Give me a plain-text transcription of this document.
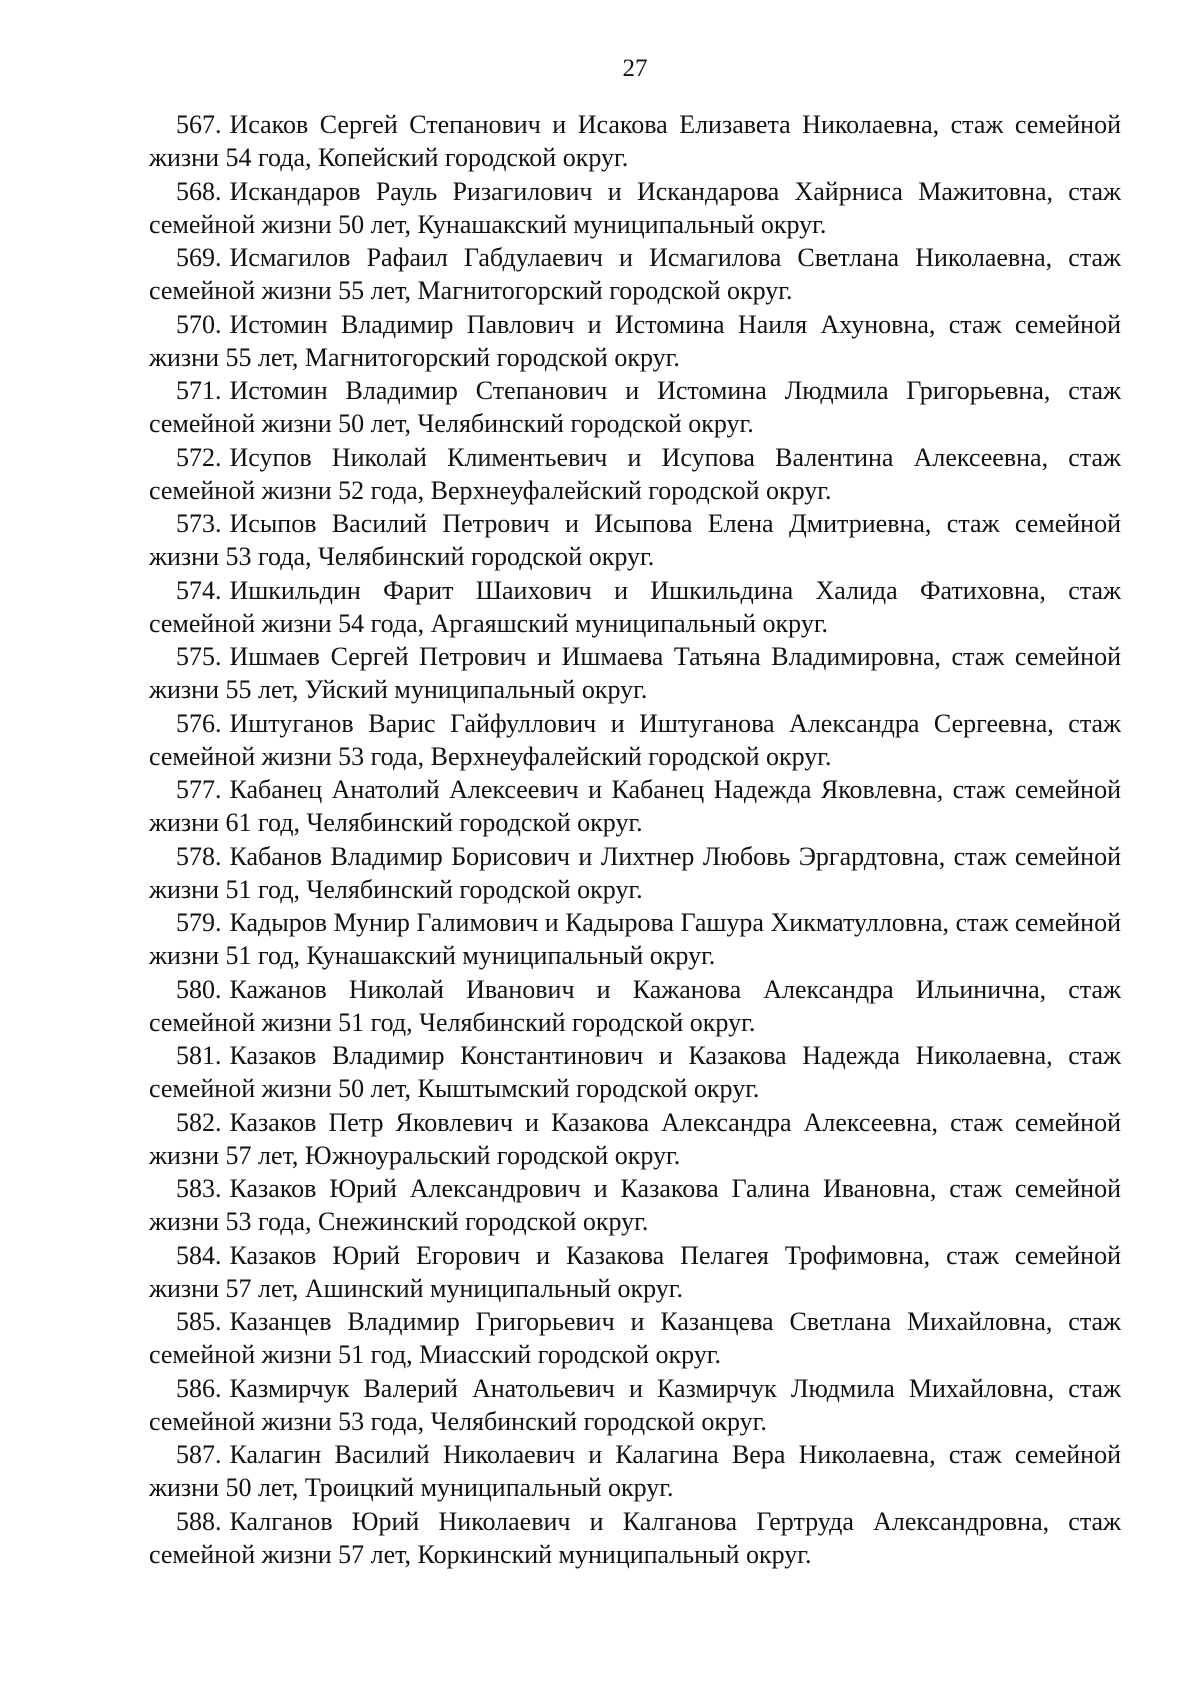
27
567. Исаков Сергей Степанович и Исакова Елизавета Николаевна, стаж семейной жизни 54 года, Копейский городской округ.
568. Искандаров Рауль Ризагилович и Искандарова Хайрниса Мажитовна, стаж семейной жизни 50 лет, Кунашакский муниципальный округ.
569. Исмагилов Рафаил Габдулаевич и Исмагилова Светлана Николаевна, стаж семейной жизни 55 лет, Магнитогорский городской округ.
570. Истомин Владимир Павлович и Истомина Наиля Ахуновна, стаж семейной жизни 55 лет, Магнитогорский городской округ.
571. Истомин Владимир Степанович и Истомина Людмила Григорьевна, стаж семейной жизни 50 лет, Челябинский городской округ.
572. Исупов Николай Климентьевич и Исупова Валентина Алексеевна, стаж семейной жизни 52 года, Верхнеуфалейский городской округ.
573. Исыпов Василий Петрович и Исыпова Елена Дмитриевна, стаж семейной жизни 53 года, Челябинский городской округ.
574. Ишкильдин Фарит Шаихович и Ишкильдина Халида Фатиховна, стаж семейной жизни 54 года, Аргаяшский муниципальный округ.
575. Ишмаев Сергей Петрович и Ишмаева Татьяна Владимировна, стаж семейной жизни 55 лет, Уйский муниципальный округ.
576. Иштуганов Варис Гайфуллович и Иштуганова Александра Сергеевна, стаж семейной жизни 53 года, Верхнеуфалейский городской округ.
577. Кабанец Анатолий Алексеевич и Кабанец Надежда Яковлевна, стаж семейной жизни 61 год, Челябинский городской округ.
578. Кабанов Владимир Борисович и Лихтнер Любовь Эргардтовна, стаж семейной жизни 51 год, Челябинский городской округ.
579. Кадыров Мунир Галимович и Кадырова Гашура Хикматулловна, стаж семейной жизни 51 год, Кунашакский муниципальный округ.
580. Кажанов Николай Иванович и Кажанова Александра Ильинична, стаж семейной жизни 51 год, Челябинский городской округ.
581. Казаков Владимир Константинович и Казакова Надежда Николаевна, стаж семейной жизни 50 лет, Кыштымский городской округ.
582. Казаков Петр Яковлевич и Казакова Александра Алексеевна, стаж семейной жизни 57 лет, Южноуральский городской округ.
583. Казаков Юрий Александрович и Казакова Галина Ивановна, стаж семейной жизни 53 года, Снежинский городской округ.
584. Казаков Юрий Егорович и Казакова Пелагея Трофимовна, стаж семейной жизни 57 лет, Ашинский муниципальный округ.
585. Казанцев Владимир Григорьевич и Казанцева Светлана Михайловна, стаж семейной жизни 51 год, Миасский городской округ.
586. Казмирчук Валерий Анатольевич и Казмирчук Людмила Михайловна, стаж семейной жизни 53 года, Челябинский городской округ.
587. Калагин Василий Николаевич и Калагина Вера Николаевна, стаж семейной жизни 50 лет, Троицкий муниципальный округ.
588. Калганов Юрий Николаевич и Калганова Гертруда Александровна, стаж семейной жизни 57 лет, Коркинский муниципальный округ.
